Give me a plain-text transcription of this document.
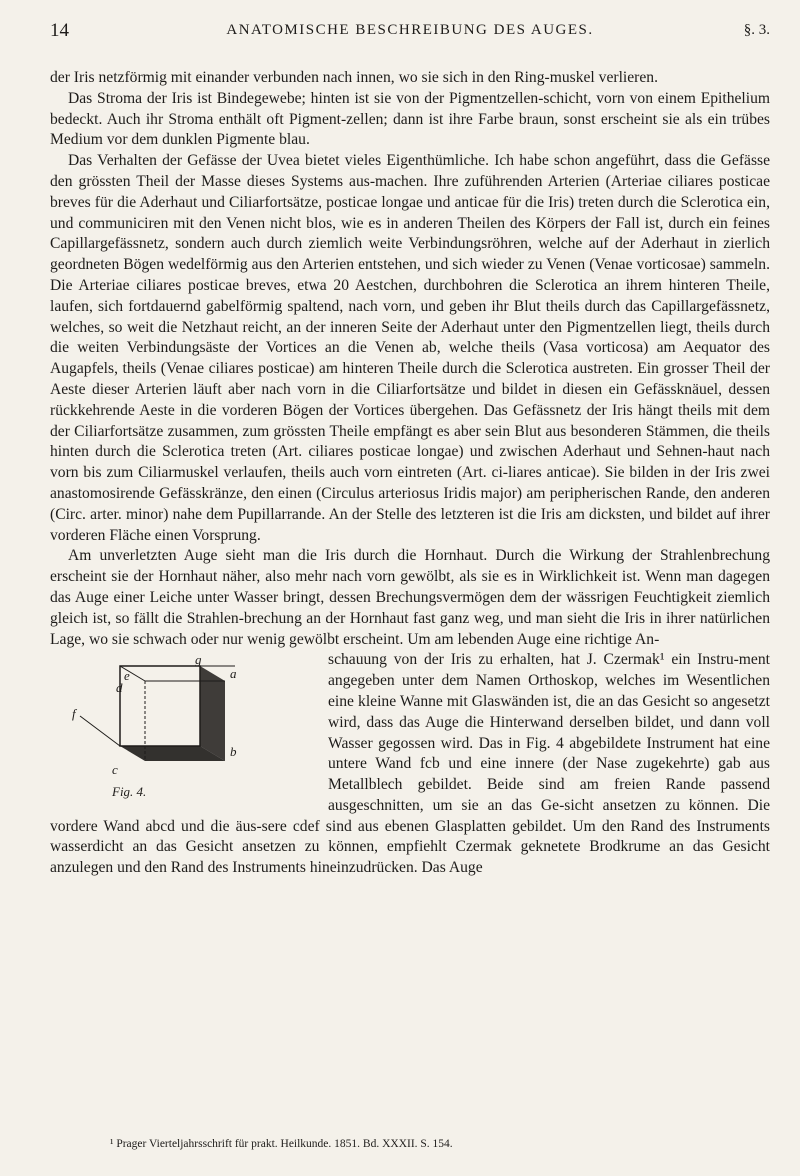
14	ANATOMISCHE BESCHREIBUNG DES AUGES.	§. 3.

der Iris netzförmig mit einander verbunden nach innen, wo sie sich in den Ring-muskel verlieren.

Das Stroma der Iris ist Bindegewebe; hinten ist sie von der Pigmentzellen-schicht, vorn von einem Epithelium bedeckt. Auch ihr Stroma enthält oft Pigment-zellen; dann ist ihre Farbe braun, sonst erscheint sie als ein trübes Medium vor dem dunklen Pigmente blau.

Das Verhalten der Gefässe der Uvea bietet vieles Eigenthümliche. Ich habe schon angeführt, dass die Gefässe den grössten Theil der Masse dieses Systems aus-machen. Ihre zuführenden Arterien (Arteriae ciliares posticae breves für die Aderhaut und Ciliarfortsätze, posticae longae und anticae für die Iris) treten durch die Sclerotica ein, und communiciren mit den Venen nicht blos, wie es in anderen Theilen des Körpers der Fall ist, durch ein feines Capillargefässnetz, sondern auch durch ziemlich weite Verbindungsröhren, welche auf der Aderhaut in zierlich geordneten Bögen wedelförmig aus den Arterien entstehen, und sich wieder zu Venen (Venae vorticosae) sammeln. Die Arteriae ciliares posticae breves, etwa 20 Aestchen, durchbohren die Sclerotica an ihrem hinteren Theile, laufen, sich fortdauernd gabelförmig spaltend, nach vorn, und geben ihr Blut theils durch das Capillargefässnetz, welches, so weit die Netzhaut reicht, an der inneren Seite der Aderhaut unter den Pigmentzellen liegt, theils durch die weiten Verbindungsäste der Vortices an die Venen ab, welche theils (Vasa vorticosa) am Aequator des Augapfels, theils (Venae ciliares posticae) am hinteren Theile durch die Sclerotica austreten. Ein grosser Theil der Aeste dieser Arterien läuft aber nach vorn in die Ciliarfortsätze und bildet in diesen ein Gefässknäuel, dessen rückkehrende Aeste in die vorderen Bögen der Vortices übergehen. Das Gefässnetz der Iris hängt theils mit dem der Ciliarfortsätze zusammen, zum grössten Theile empfängt es aber sein Blut aus besonderen Stämmen, die theils hinten durch die Sclerotica treten (Art. ciliares posticae longae) und zwischen Aderhaut und Sehnen-haut nach vorn bis zum Ciliarmuskel verlaufen, theils auch vorn eintreten (Art. ci-liares anticae). Sie bilden in der Iris zwei anastomosirende Gefässkränze, den einen (Circulus arteriosus Iridis major) am peripherischen Rande, den anderen (Circ. arter. minor) nahe dem Pupillarrande. An der Stelle des letzteren ist die Iris am dicksten, und bildet auf ihrer vorderen Fläche einen Vorsprung.

Am unverletzten Auge sieht man die Iris durch die Hornhaut. Durch die Wirkung der Strahlenbrechung erscheint sie der Hornhaut näher, also mehr nach vorn gewölbt, als sie es in Wirklichkeit ist. Wenn man dagegen das Auge einer Leiche unter Wasser bringt, dessen Brechungsvermögen dem der wässrigen Feuchtigkeit ziemlich gleich ist, so fällt die Strahlen-brechung an der Hornhaut fast ganz weg, und man sieht die Iris in ihrer natürlichen Lage, wo sie schwach oder nur wenig gewölbt erscheint. Um am lebenden Auge eine richtige An-

e
d
g
a
f
b
c
Fig. 4.

schauung von der Iris zu erhalten, hat J. Czermak¹ ein Instru-ment angegeben unter dem Namen Orthoskop, welches im Wesentlichen eine kleine Wanne mit Glaswänden ist, die an das Gesicht so angesetzt wird, dass das Auge die Hinterwand derselben bildet, und dann voll Wasser gegossen wird. Das in Fig. 4 abgebildete Instrument hat eine untere Wand fcb und eine innere (der Nase zugekehrte) gab aus Metallblech gebildet. Beide sind am freien Rande passend ausgeschnitten, um sie an das Ge-sicht ansetzen zu können. Die vordere Wand abcd und die äus-sere cdef sind aus ebenen Glasplatten gebildet. Um den Rand des Instruments wasserdicht an das Gesicht ansetzen zu können, empfiehlt Czermak geknetete Brodkrume an das Gesicht anzulegen und den Rand des Instruments hineinzudrücken. Das Auge

¹ Prager Vierteljahrsschrift für prakt. Heilkunde. 1851. Bd. XXXII. S. 154.
